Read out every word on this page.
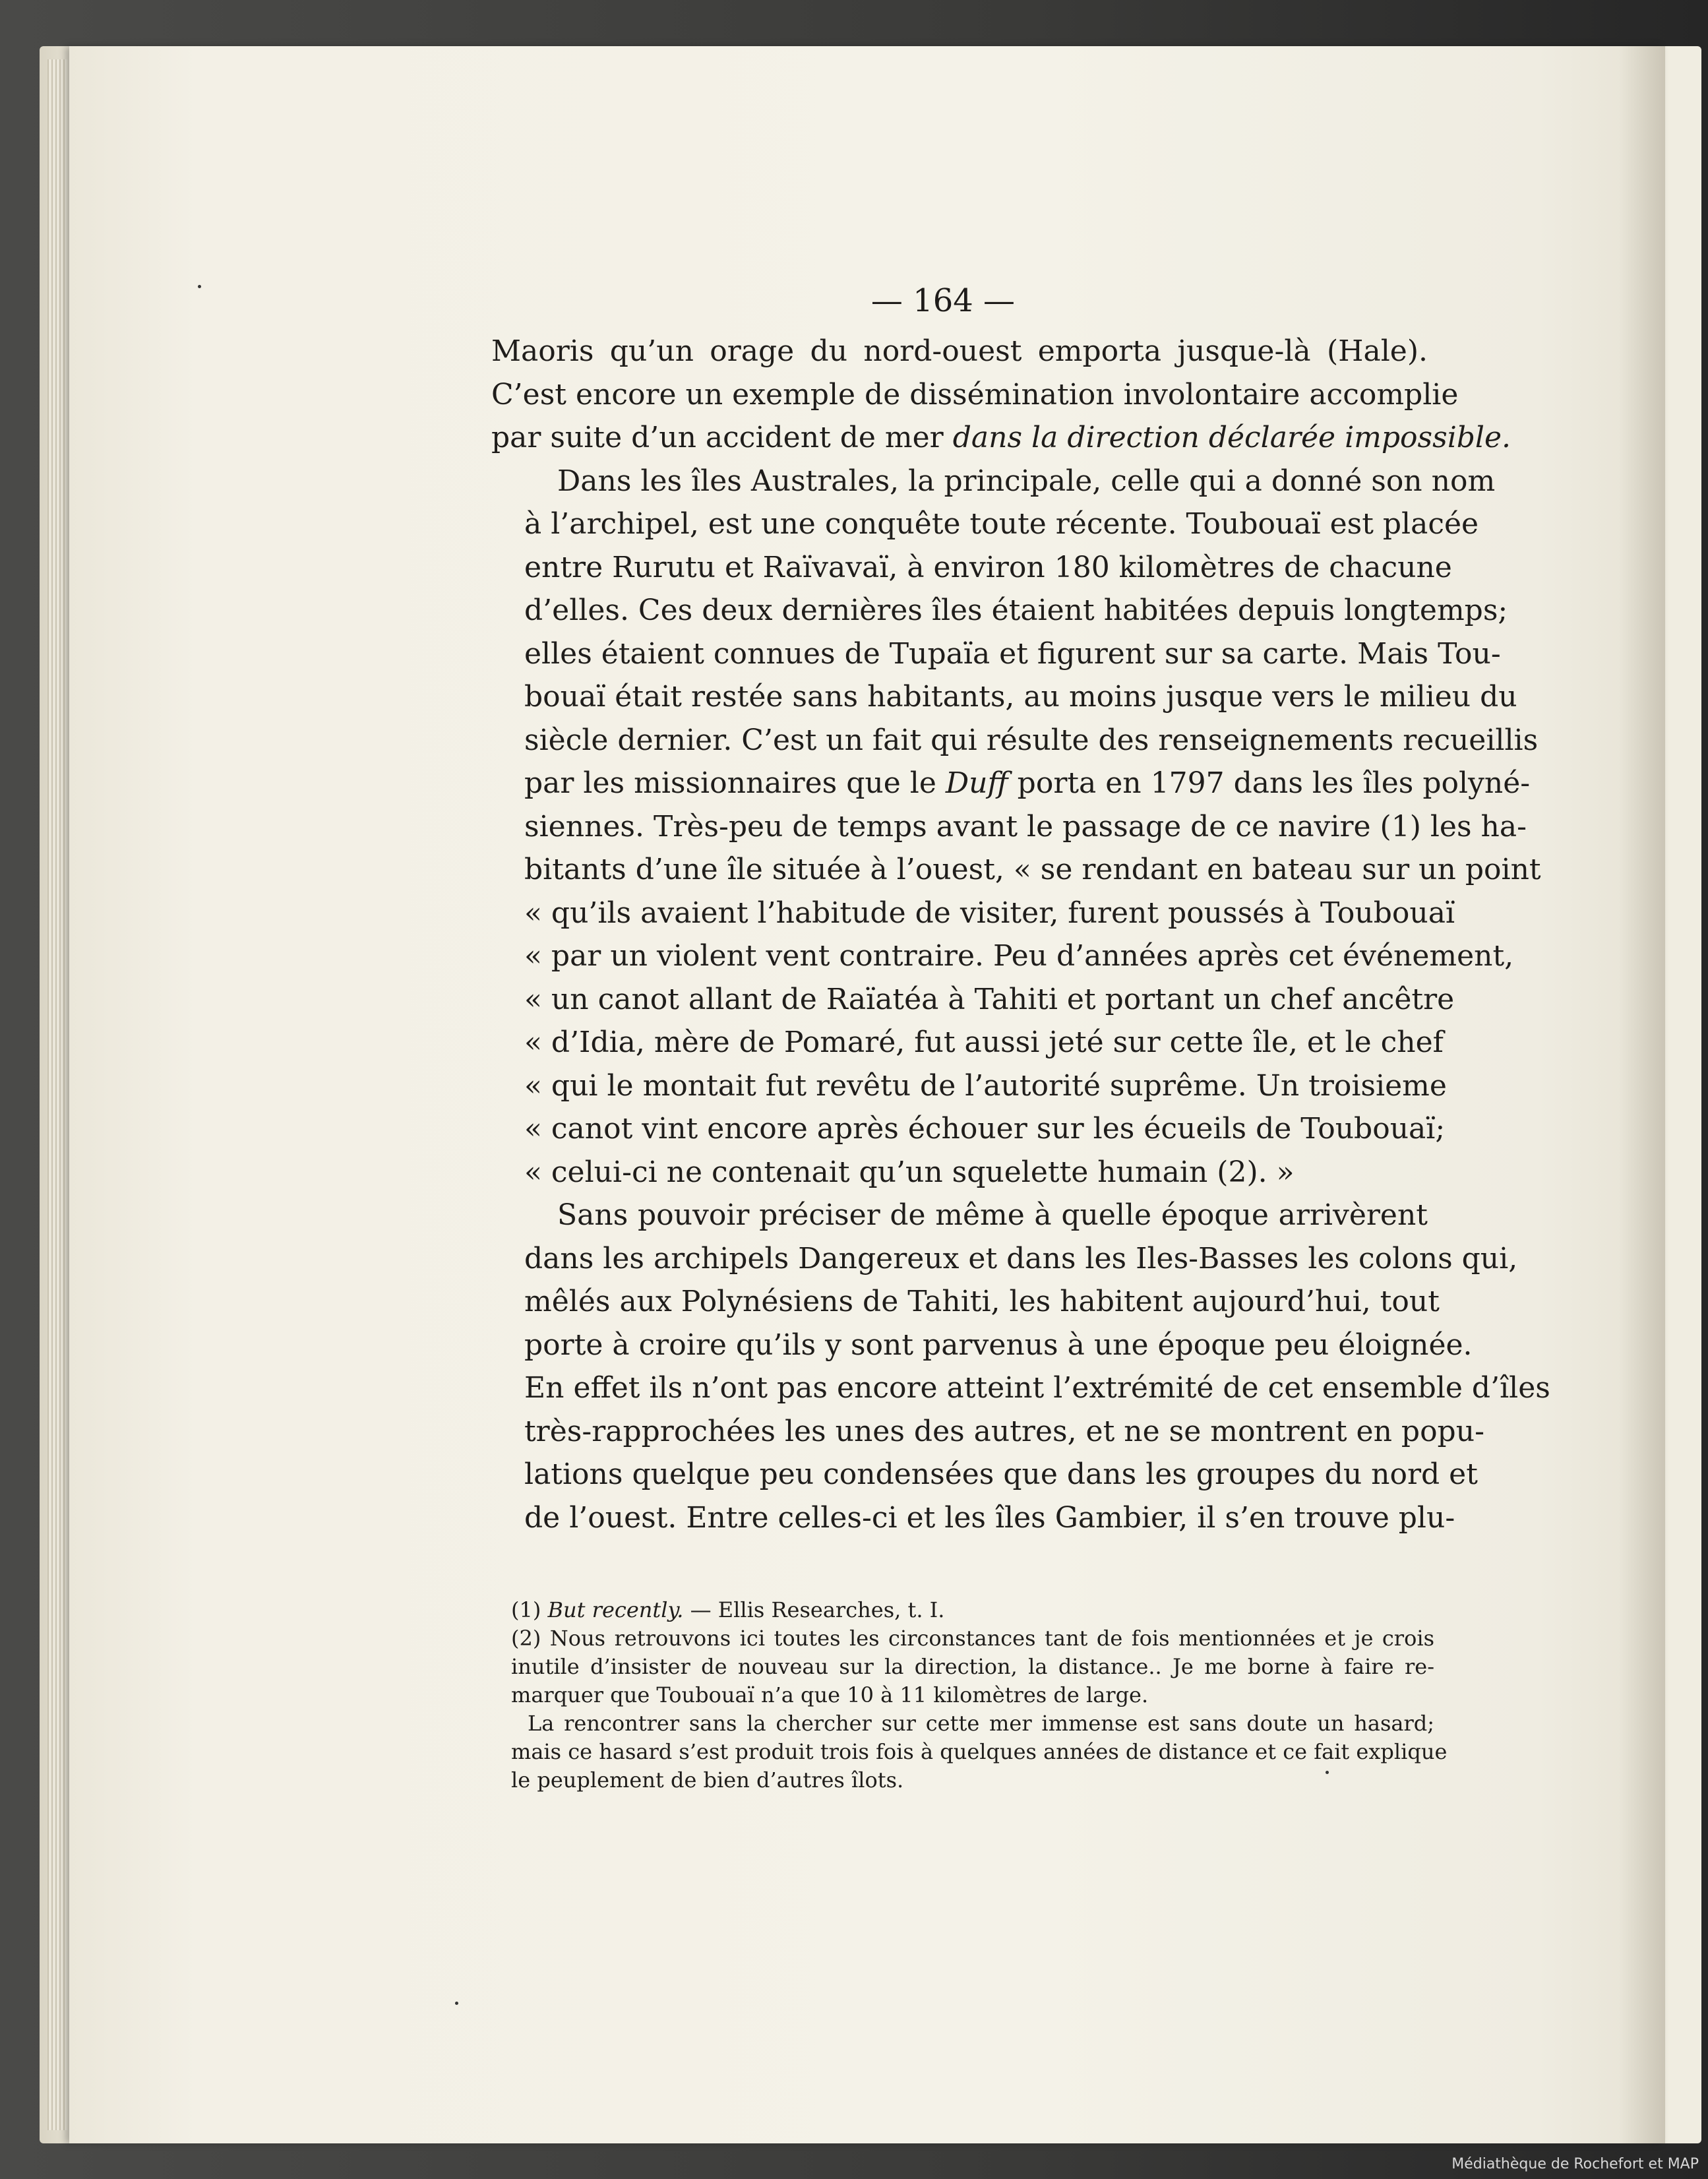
— 164 —
Maoris qu’un orage du nord-ouest emporta jusque-là (Hale).
C’est encore un exemple de dissémination involontaire accomplie
par suite d’un accident de mer dans la direction déclarée impossible.
Dans les îles Australes, la principale, celle qui a donné son nom
à l’archipel, est une conquête toute récente. Toubouaï est placée
entre Rurutu et Raïvavaï, à environ 180 kilomètres de chacune
d’elles. Ces deux dernières îles étaient habitées depuis longtemps;
elles étaient connues de Tupaïa et figurent sur sa carte. Mais Tou-
bouaï était restée sans habitants, au moins jusque vers le milieu du
siècle dernier. C’est un fait qui résulte des renseignements recueillis
par les missionnaires que le Duff porta en 1797 dans les îles polyné-
siennes. Très-peu de temps avant le passage de ce navire (1) les ha-
bitants d’une île située à l’ouest, « se rendant en bateau sur un point
« qu’ils avaient l’habitude de visiter, furent poussés à Toubouaï
« par un violent vent contraire. Peu d’années après cet événement,
« un canot allant de Raïatéa à Tahiti et portant un chef ancêtre
« d’Idia, mère de Pomaré, fut aussi jeté sur cette île, et le chef
« qui le montait fut revêtu de l’autorité suprême. Un troisieme
« canot vint encore après échouer sur les écueils de Toubouaï;
« celui-ci ne contenait qu’un squelette humain (2). »
Sans pouvoir préciser de même à quelle époque arrivèrent
dans les archipels Dangereux et dans les Iles-Basses les colons qui,
mêlés aux Polynésiens de Tahiti, les habitent aujourd’hui, tout
porte à croire qu’ils y sont parvenus à une époque peu éloignée.
En effet ils n’ont pas encore atteint l’extrémité de cet ensemble d’îles
très-rapprochées les unes des autres, et ne se montrent en popu-
lations quelque peu condensées que dans les groupes du nord et
de l’ouest. Entre celles-ci et les îles Gambier, il s’en trouve plu-
(1) But recently. — Ellis Researches, t. I.
(2) Nous retrouvons ici toutes les circonstances tant de fois mentionnées et je crois
inutile d’insister de nouveau sur la direction, la distance.. Je me borne à faire re-
marquer que Toubouaï n’a que 10 à 11 kilomètres de large.
La rencontrer sans la chercher sur cette mer immense est sans doute un hasard;
mais ce hasard s’est produit trois fois à quelques années de distance et ce fait explique
le peuplement de bien d’autres îlots.
Médiathèque de Rochefort et MAP
